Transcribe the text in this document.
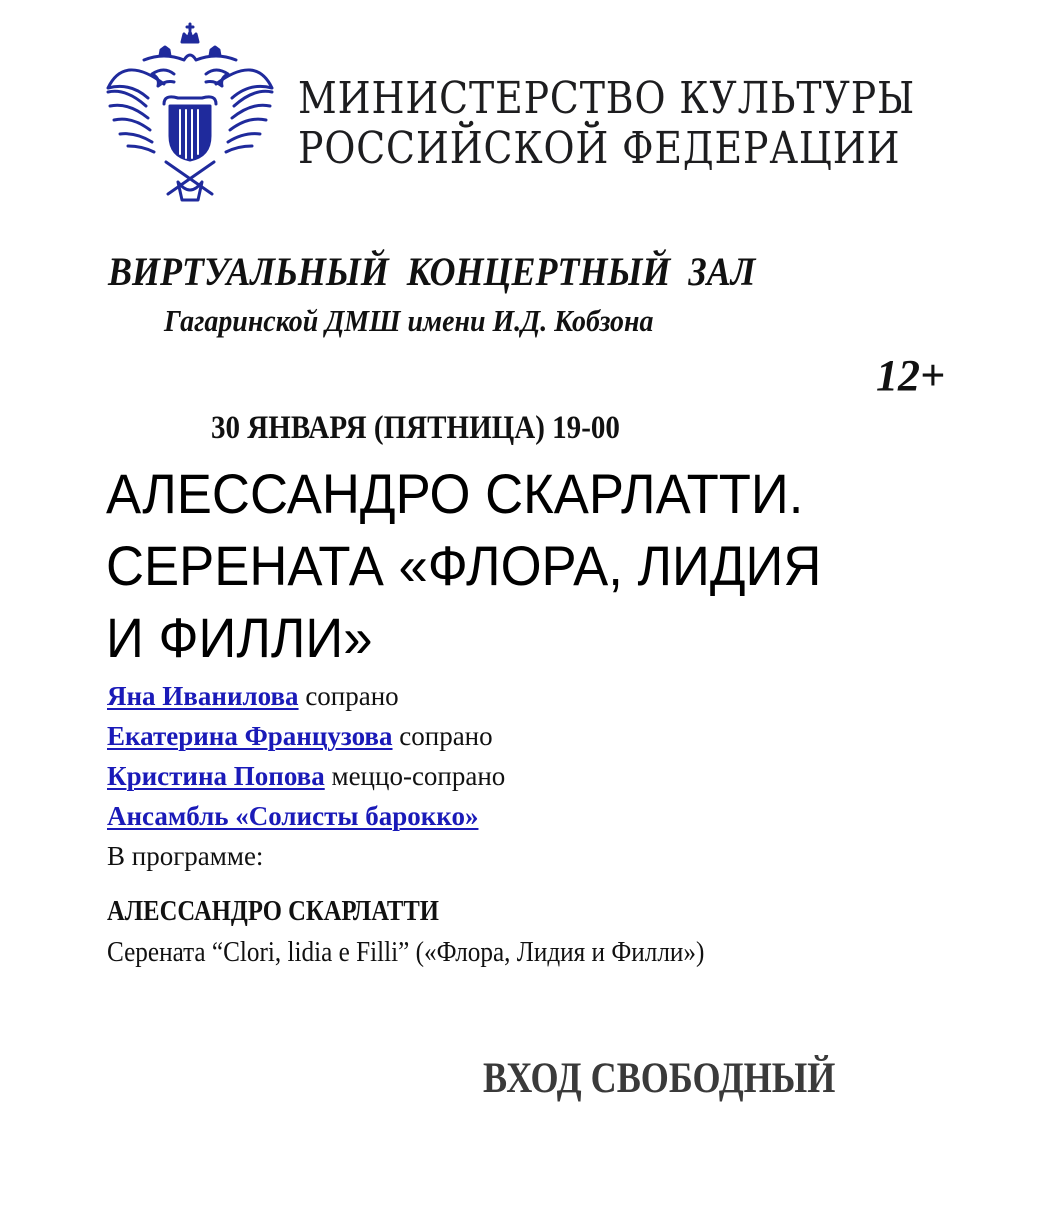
МИНИСТЕРСТВО КУЛЬТУРЫ
РОССИЙСКОЙ ФЕДЕРАЦИИ
ВИРТУАЛЬНЫЙ  КОНЦЕРТНЫЙ  ЗАЛ
Гагаринской ДМШ имени И.Д. Кобзона
12+
30 ЯНВАРЯ (ПЯТНИЦА) 19-00
АЛЕССАНДРО СКАРЛАТТИ.
СЕРЕНАТА «ФЛОРА, ЛИДИЯ
И ФИЛЛИ»
Яна Иванилова сопрано
Екатерина Французова сопрано
Кристина Попова меццо-сопрано
Ансамбль «Солисты барокко»
В программе:
АЛЕССАНДРО СКАРЛАТТИ
Серената “Clori, lidia e Filli” («Флора, Лидия и Филли»)
ВХОД СВОБОДНЫЙ
